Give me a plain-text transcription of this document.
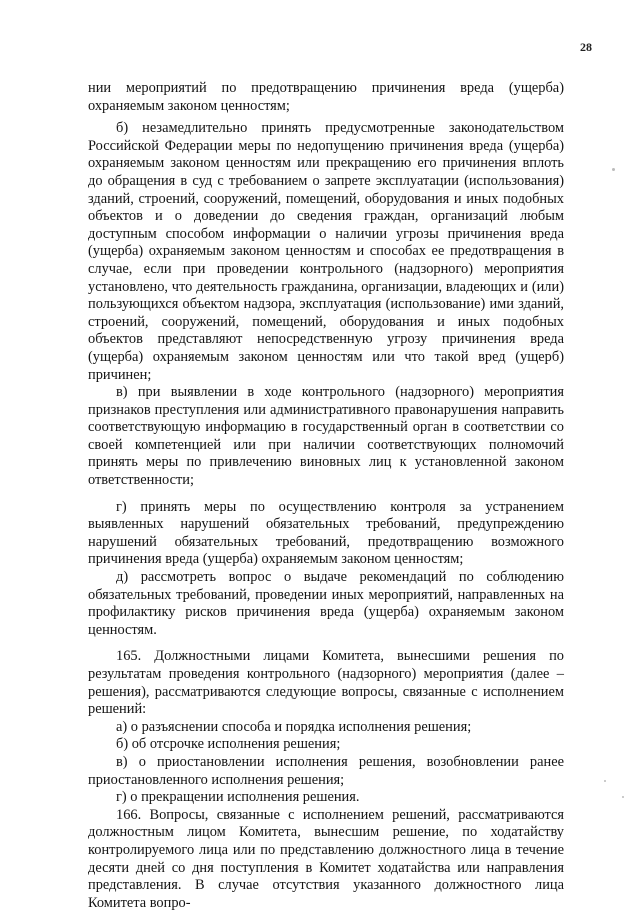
28

нии мероприятий по предотвращению причинения вреда (ущерба) охраняемым законом ценностям;

б) незамедлительно принять предусмотренные законодательством Российской Федерации меры по недопущению причинения вреда (ущерба) охраняемым законом ценностям или прекращению его причинения вплоть до обращения в суд с требованием о запрете эксплуатации (использования) зданий, строений, сооружений, помещений, оборудования и иных подобных объектов и о доведении до сведения граждан, организаций любым доступным способом информации о наличии угрозы причинения вреда (ущерба) охраняемым законом ценностям и способах ее предотвращения в случае, если при проведении контрольного (надзорного) мероприятия установлено, что деятельность гражданина, организации, владеющих и (или) пользующихся объектом надзора, эксплуатация (использование) ими зданий, строений, сооружений, помещений, оборудования и иных подобных объектов представляют непосредственную угрозу причинения вреда (ущерба) охраняемым законом ценностям или что такой вред (ущерб) причинен;

в) при выявлении в ходе контрольного (надзорного) мероприятия признаков преступления или административного правонарушения направить соответствующую информацию в государственный орган в соответствии со своей компетенцией или при наличии соответствующих полномочий принять меры по привлечению виновных лиц к установленной законом ответственности;

г) принять меры по осуществлению контроля за устранением выявленных нарушений обязательных требований, предупреждению нарушений обязательных требований, предотвращению возможного причинения вреда (ущерба) охраняемым законом ценностям;

д) рассмотреть вопрос о выдаче рекомендаций по соблюдению обязательных требований, проведении иных мероприятий, направленных на профилактику рисков причинения вреда (ущерба) охраняемым законом ценностям.

165. Должностными лицами Комитета, вынесшими решения по результатам проведения контрольного (надзорного) мероприятия (далее – решения), рассматриваются следующие вопросы, связанные с исполнением решений:

а) о разъяснении способа и порядка исполнения решения;

б) об отсрочке исполнения решения;

в) о приостановлении исполнения решения, возобновлении ранее приостановленного исполнения решения;

г) о прекращении исполнения решения.

166. Вопросы, связанные с исполнением решений, рассматриваются должностным лицом Комитета, вынесшим решение, по ходатайству контролируемого лица или по представлению должностного лица в течение десяти дней со дня поступления в Комитет ходатайства или направления представления. В случае отсутствия указанного должностного лица Комитета вопро-
